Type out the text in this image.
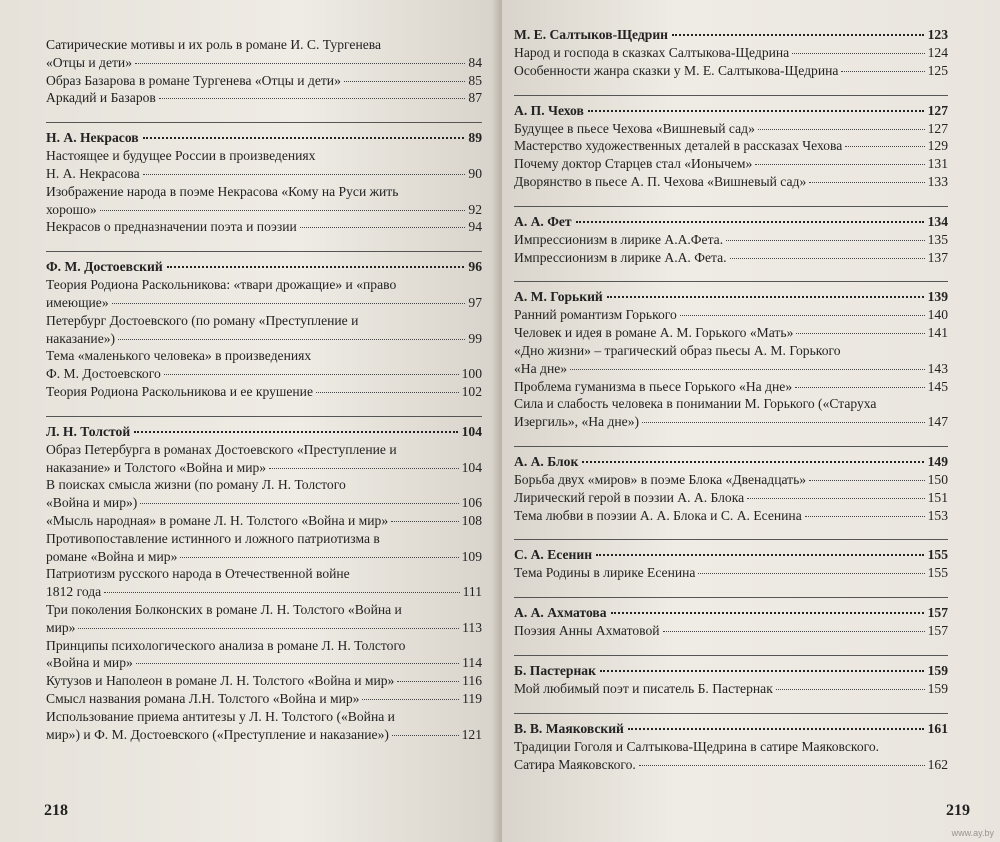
Сатирические мотивы и их роль в романе И. С. Тургенева
«Отцы и дети»	84
Образ Базарова в романе Тургенева «Отцы и дети»	85
Аркадий и Базаров	87
Н. А. Некрасов	89
Настоящее и будущее России в произведениях
Н. А. Некрасова	90
Изображение народа в поэме Некрасова «Кому на Руси жить
хорошо»	92
Некрасов о предназначении поэта и поэзии	94
Ф. М. Достоевский	96
Теория Родиона Раскольникова: «твари дрожащие» и «право
имеющие»	97
Петербург Достоевского (по роману «Преступление и
наказание»)	99
Тема «маленького человека» в произведениях
Ф. М. Достоевского	100
Теория Родиона Раскольникова и ее крушение	102
Л. Н. Толстой	104
Образ Петербурга в романах Достоевского «Преступление и
наказание» и Толстого «Война и мир»	104
В поисках смысла жизни (по роману Л. Н. Толстого
«Война и мир»)	106
«Мысль народная» в романе Л. Н. Толстого «Война и мир»	108
Противопоставление истинного и ложного патриотизма в
романе «Война и мир»	109
Патриотизм русского народа в Отечественной войне
1812 года	111
Три поколения Болконских в романе Л. Н. Толстого «Война и
мир»	113
Принципы психологического анализа в романе Л. Н. Толстого
«Война и мир»	114
Кутузов и Наполеон в романе Л. Н. Толстого «Война и мир»	116
Смысл названия романа Л.Н. Толстого «Война и мир»	119
Использование приема антитезы у Л. Н. Толстого («Война и
мир») и Ф. М. Достоевского («Преступление и наказание»)	121
М. Е. Салтыков-Щедрин	123
Народ и господа в сказках Салтыкова-Щедрина	124
Особенности жанра сказки у М. Е. Салтыкова-Щедрина	125
А. П. Чехов	127
Будущее в пьесе Чехова «Вишневый сад»	127
Мастерство художественных деталей в рассказах Чехова	129
Почему доктор Старцев стал «Ионычем»	131
Дворянство в пьесе А. П. Чехова «Вишневый сад»	133
А. А. Фет	134
Импрессионизм в лирике А.А.Фета.	135
Импрессионизм в лирике А.А. Фета.	137
А. М. Горький	139
Ранний романтизм Горького	140
Человек и идея в романе А. М. Горького «Мать»	141
«Дно жизни» – трагический образ пьесы А. М. Горького
«На дне»	143
Проблема гуманизма в пьесе Горького «На дне»	145
Сила и слабость человека в понимании М. Горького («Старуха
Изергиль», «На дне»)	147
А. А. Блок	149
Борьба двух «миров» в поэме Блока «Двенадцать»	150
Лирический герой в поэзии А. А. Блока	151
Тема любви в поэзии А. А. Блока и С. А. Есенина	153
С. А. Есенин	155
Тема Родины в лирике Есенина	155
А. А. Ахматова	157
Поэзия Анны Ахматовой	157
Б. Пастернак	159
Мой любимый поэт и писатель Б. Пастернак	159
В. В. Маяковский	161
Традиции Гоголя и Салтыкова-Щедрина в сатире Маяковского.
Сатира Маяковского.	162
218	219
www.ay.by
